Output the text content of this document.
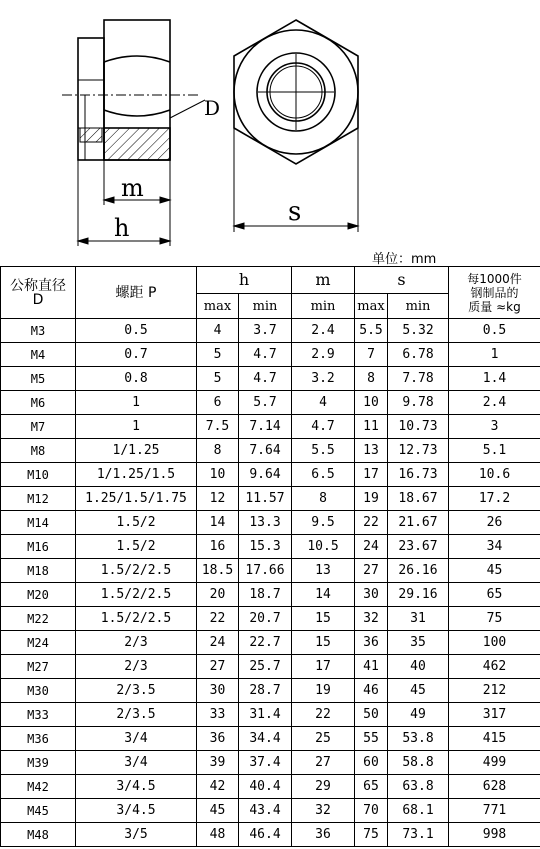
D
m
h
s
单位：mm
公称直径
D	螺距 P	h		m	s		每1000件
钢制品的
质量 ≈kg
		max	min	min	max	min	
M3	0.5	4	3.7	2.4	5.5	5.32	0.5
M4	0.7	5	4.7	2.9	7	6.78	1
M5	0.8	5	4.7	3.2	8	7.78	1.4
M6	1	6	5.7	4	10	9.78	2.4
M7	1	7.5	7.14	4.7	11	10.73	3
M8	1/1.25	8	7.64	5.5	13	12.73	5.1
M10	1/1.25/1.5	10	9.64	6.5	17	16.73	10.6
M12	1.25/1.5/1.75	12	11.57	8	19	18.67	17.2
M14	1.5/2	14	13.3	9.5	22	21.67	26
M16	1.5/2	16	15.3	10.5	24	23.67	34
M18	1.5/2/2.5	18.5	17.66	13	27	26.16	45
M20	1.5/2/2.5	20	18.7	14	30	29.16	65
M22	1.5/2/2.5	22	20.7	15	32	31	75
M24	2/3	24	22.7	15	36	35	100
M27	2/3	27	25.7	17	41	40	462
M30	2/3.5	30	28.7	19	46	45	212
M33	2/3.5	33	31.4	22	50	49	317
M36	3/4	36	34.4	25	55	53.8	415
M39	3/4	39	37.4	27	60	58.8	499
M42	3/4.5	42	40.4	29	65	63.8	628
M45	3/4.5	45	43.4	32	70	68.1	771
M48	3/5	48	46.4	36	75	73.1	998
